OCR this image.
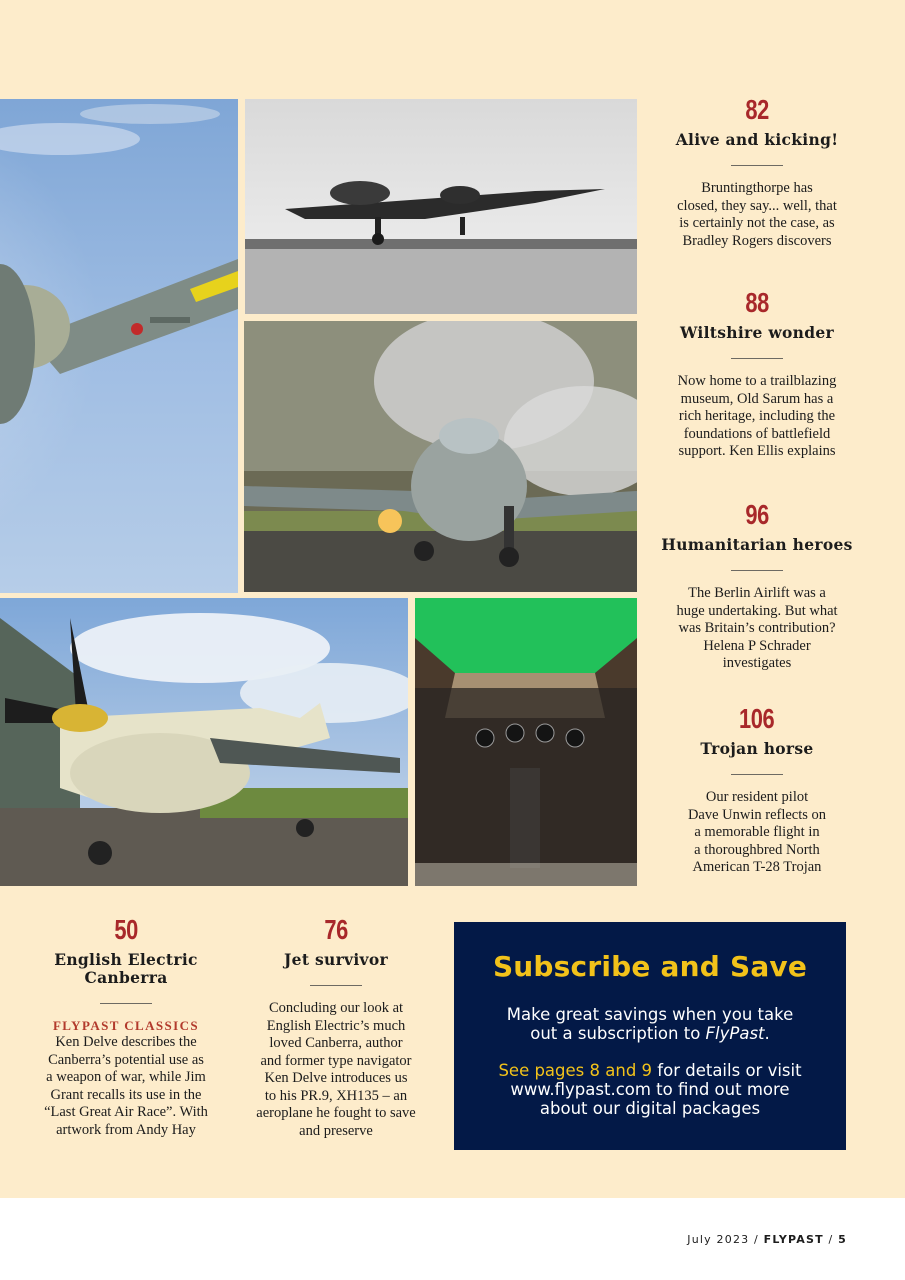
82
Alive and kicking!
Bruntingthorpe has
closed, they say... well, that
is certainly not the case, as
Bradley Rogers discovers
88
Wiltshire wonder
Now home to a trailblazing
museum, Old Sarum has a
rich heritage, including the
foundations of battlefield
support. Ken Ellis explains
96
Humanitarian heroes
The Berlin Airlift was a
huge undertaking. But what
was Britain’s contribution?
Helena P Schrader
investigates
106
Trojan horse
Our resident pilot
Dave Unwin reflects on
a memorable flight in
a thoroughbred North
American T-28 Trojan
50
English Electric
Canberra
FLYPAST CLASSICS
Ken Delve describes the
Canberra’s potential use as
a weapon of war, while Jim
Grant recalls its use in the
“Last Great Air Race”. With
artwork from Andy Hay
76
Jet survivor
Concluding our look at
English Electric’s much
loved Canberra, author
and former type navigator
Ken Delve introduces us
to his PR.9, XH135 – an
aeroplane he fought to save
and preserve
Subscribe and Save
Make great savings when you take
out a subscription to FlyPast.
See pages 8 and 9 for details or visit
www.flypast.com to find out more
about our digital packages
July 2023 / FLYPAST / 5
